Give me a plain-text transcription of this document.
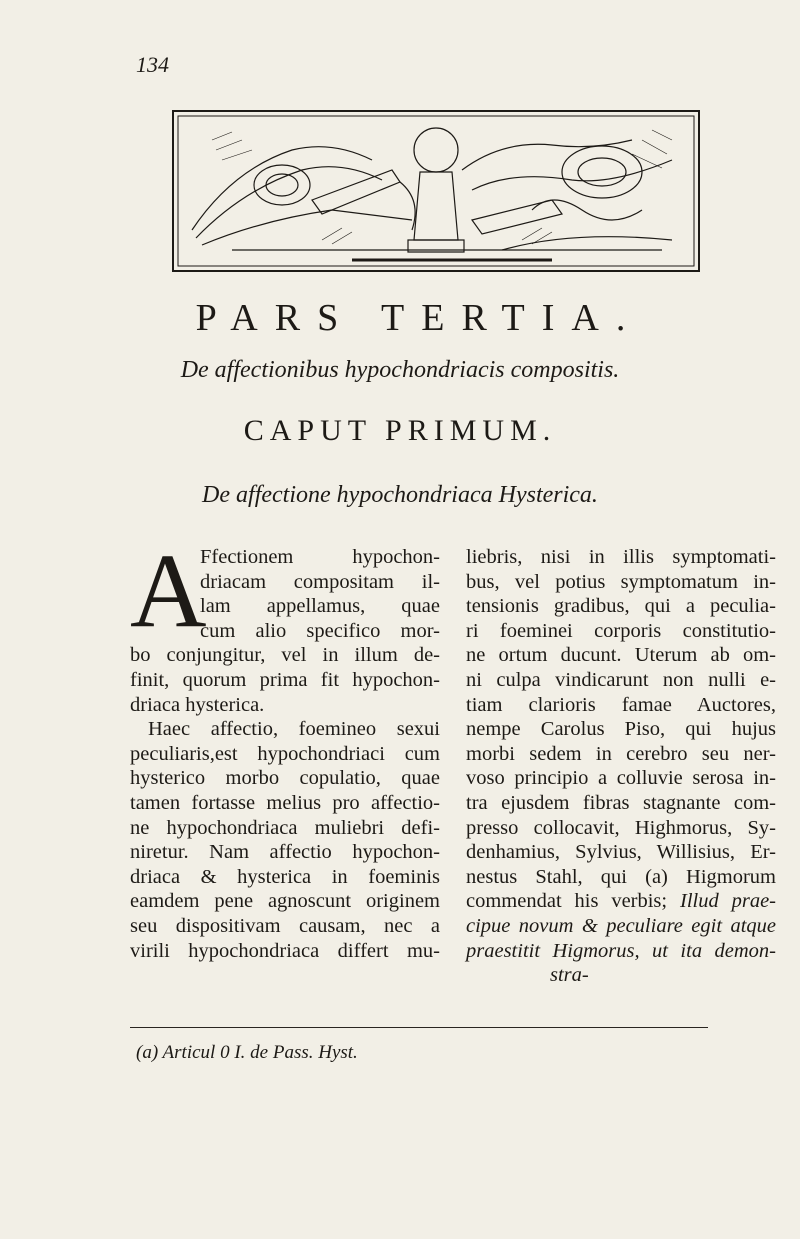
134
PARS TERTIA.
De affectionibus hypochondriacis compositis.
CAPUT PRIMUM.
De affectione hypochondriaca Hysterica.
A
Ffectionem hypochon-
driacam compositam il-
lam appellamus, quae
cum alio specifico mor-
bo conjungitur, vel in illum de-
finit, quorum prima fit hypochon-
driaca hysterica.
Haec affectio, foemineo sexui
peculiaris,est hypochondriaci cum
hysterico morbo copulatio, quae
tamen fortasse melius pro affectio-
ne hypochondriaca muliebri defi-
niretur. Nam affectio hypochon-
driaca & hysterica in foeminis
eamdem pene agnoscunt originem
seu dispositivam causam, nec a
virili hypochondriaca differt mu-
liebris, nisi in illis symptomati-
bus, vel potius symptomatum in-
tensionis gradibus, qui a peculia-
ri foeminei corporis constitutio-
ne ortum ducunt. Uterum ab om-
ni culpa vindicarunt non nulli e-
tiam clarioris famae Auctores,
nempe Carolus Piso, qui hujus
morbi sedem in cerebro seu ner-
voso principio a colluvie serosa in-
tra ejusdem fibras stagnante com-
presso collocavit, Highmorus, Sy-
denhamius, Sylvius, Willisius, Er-
nestus Stahl, qui (a) Higmorum
commendat his verbis; Illud prae-
cipue novum & peculiare egit atque
praestitit Higmorus, ut ita demon-
stra-
(a) Articul 0 I. de Pass. Hyst.
